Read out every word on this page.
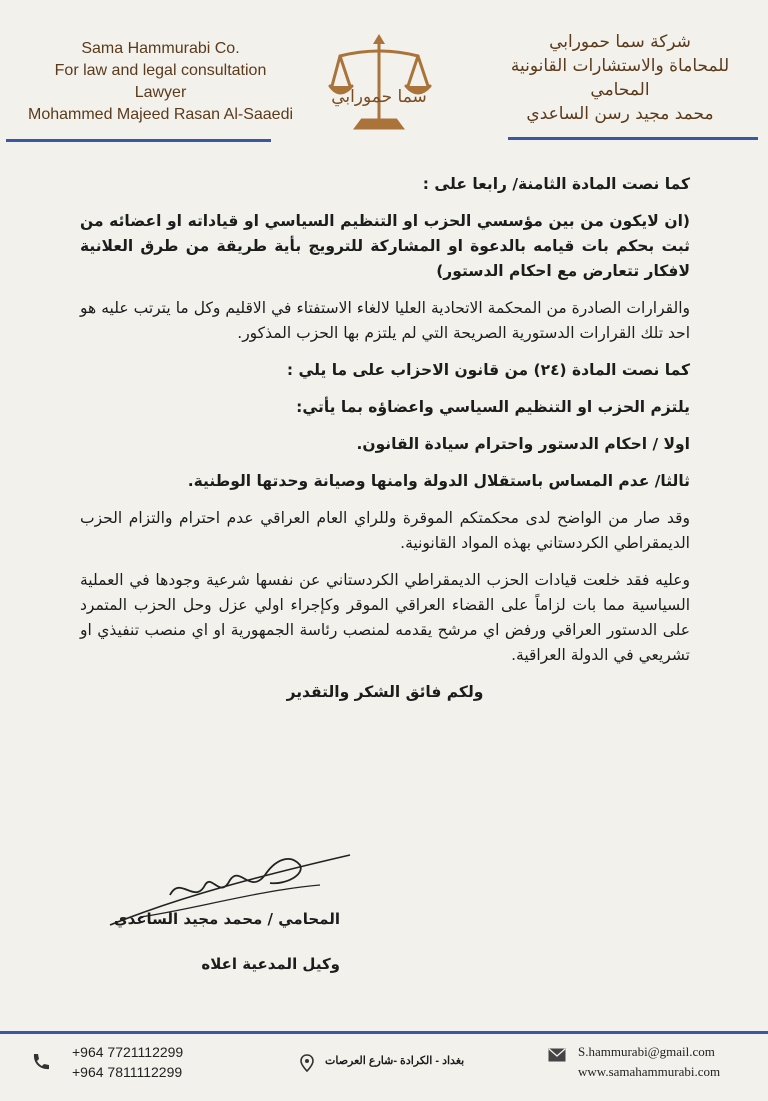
Sama Hammurabi Co.
For law and legal consultation
Lawyer
Mohammed Majeed Rasan Al-Saaedi
سما حمورابي
شركة سما حمورابي
للمحاماة والاستشارات القانونية
المحامي
محمد مجيد رسن الساعدي

كما نصت المادة الثامنة/ رابعا على :

(ان لايكون من بين مؤسسي الحزب او التنظيم السياسي او قياداته او اعضائه من ثبت بحكم بات قيامه بالدعوة او المشاركة للترويج بأية طريقة من طرق العلانية لافكار تتعارض مع احكام الدستور)

والقرارات الصادرة من المحكمة الاتحادية العليا لالغاء الاستفتاء في الاقليم وكل ما يترتب عليه هو احد تلك القرارات الدستورية الصريحة التي لم يلتزم بها الحزب المذكور.

كما نصت المادة (٢٤) من قانون الاحزاب على ما يلي :

يلتزم الحزب او التنظيم السياسي واعضاؤه بما يأتي:

اولا / احكام الدستور واحترام سيادة القانون.

ثالثا/ عدم المساس باستقلال الدولة وامنها وصيانة وحدتها الوطنية.

وقد صار من الواضح لدى محكمتكم الموقرة وللراي العام العراقي عدم احترام والتزام الحزب الديمقراطي الكردستاني بهذه المواد القانونية.

وعليه فقد خلعت قيادات الحزب الديمقراطي الكردستاني عن نفسها شرعية وجودها في العملية السياسية مما بات لزاماً على القضاء العراقي الموقر وكإجراء اولي عزل وحل الحزب المتمرد على الدستور العراقي ورفض اي مرشح يقدمه لمنصب رئاسة الجمهورية او اي منصب تنفيذي او تشريعي في الدولة العراقية.

ولكم فائق الشكر والتقدير

المحامي / محمد مجيد الساعدي
وكيل المدعية اعلاه
+964 7721112299
+964 7811112299
بغداد - الكرادة -شارع العرصات
S.hammurabi@gmail.com
www.samahammurabi.com
